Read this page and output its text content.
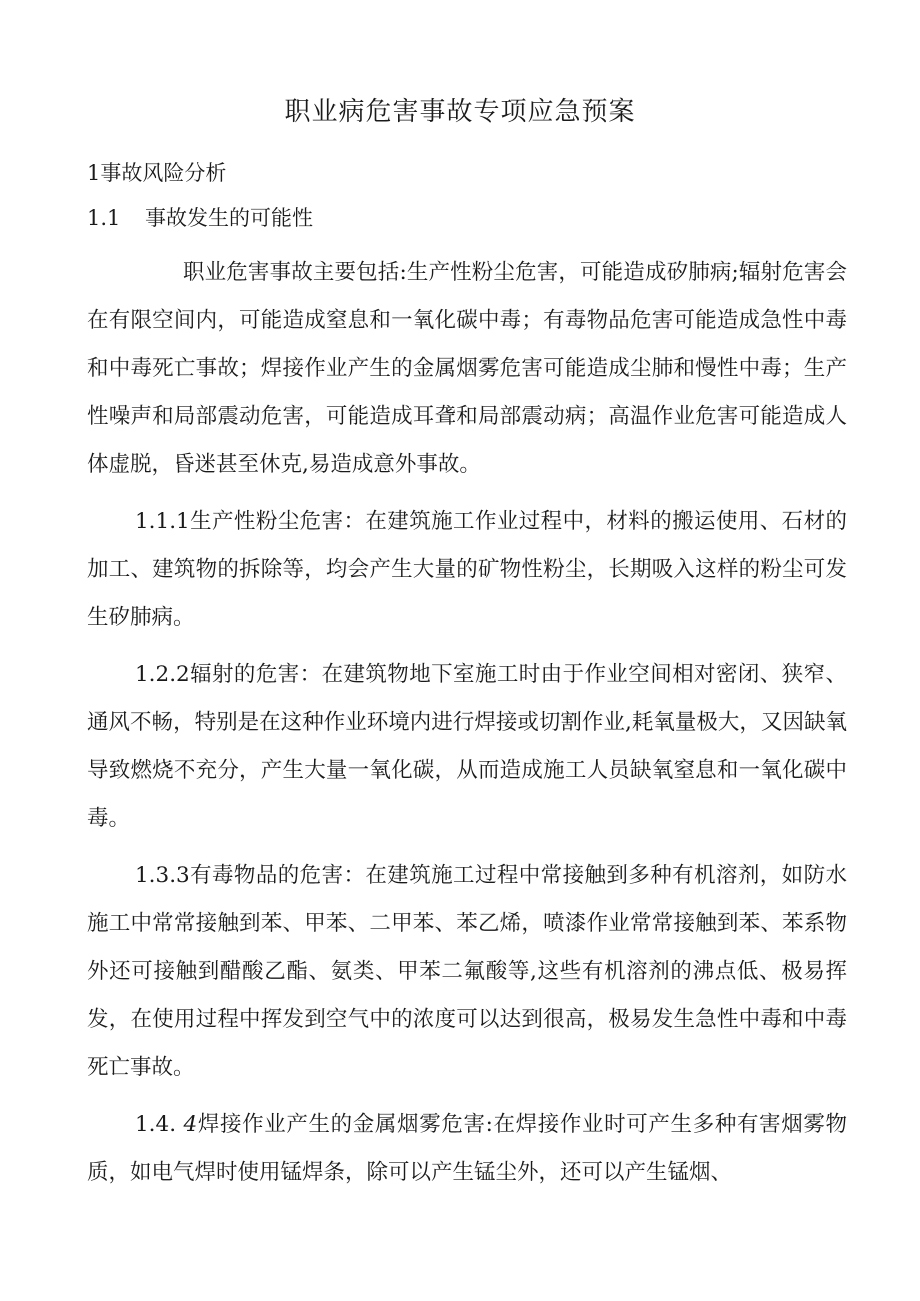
职业病危害事故专项应急预案
1事故风险分析
1.1 事故发生的可能性

职业危害事故主要包括:生产性粉尘危害，可能造成矽肺病;辐射危害会在有限空间内，可能造成窒息和一氧化碳中毒；有毒物品危害可能造成急性中毒和中毒死亡事故；焊接作业产生的金属烟雾危害可能造成尘肺和慢性中毒；生产性噪声和局部震动危害，可能造成耳聋和局部震动病；高温作业危害可能造成人体虚脱，昏迷甚至休克,易造成意外事故。

1.1.1生产性粉尘危害：在建筑施工作业过程中，材料的搬运使用、石材的加工、建筑物的拆除等，均会产生大量的矿物性粉尘，长期吸入这样的粉尘可发生矽肺病。

1.2.2辐射的危害：在建筑物地下室施工时由于作业空间相对密闭、狭窄、通风不畅，特别是在这种作业环境内进行焊接或切割作业,耗氧量极大，又因缺氧导致燃烧不充分，产生大量一氧化碳，从而造成施工人员缺氧窒息和一氧化碳中毒。

1.3.3有毒物品的危害：在建筑施工过程中常接触到多种有机溶剂，如防水施工中常常接触到苯、甲苯、二甲苯、苯乙烯，喷漆作业常常接触到苯、苯系物外还可接触到醋酸乙酯、氨类、甲苯二氟酸等,这些有机溶剂的沸点低、极易挥发，在使用过程中挥发到空气中的浓度可以达到很高，极易发生急性中毒和中毒死亡事故。

1.4. 4焊接作业产生的金属烟雾危害:在焊接作业时可产生多种有害烟雾物质，如电气焊时使用锰焊条，除可以产生锰尘外，还可以产生锰烟、
